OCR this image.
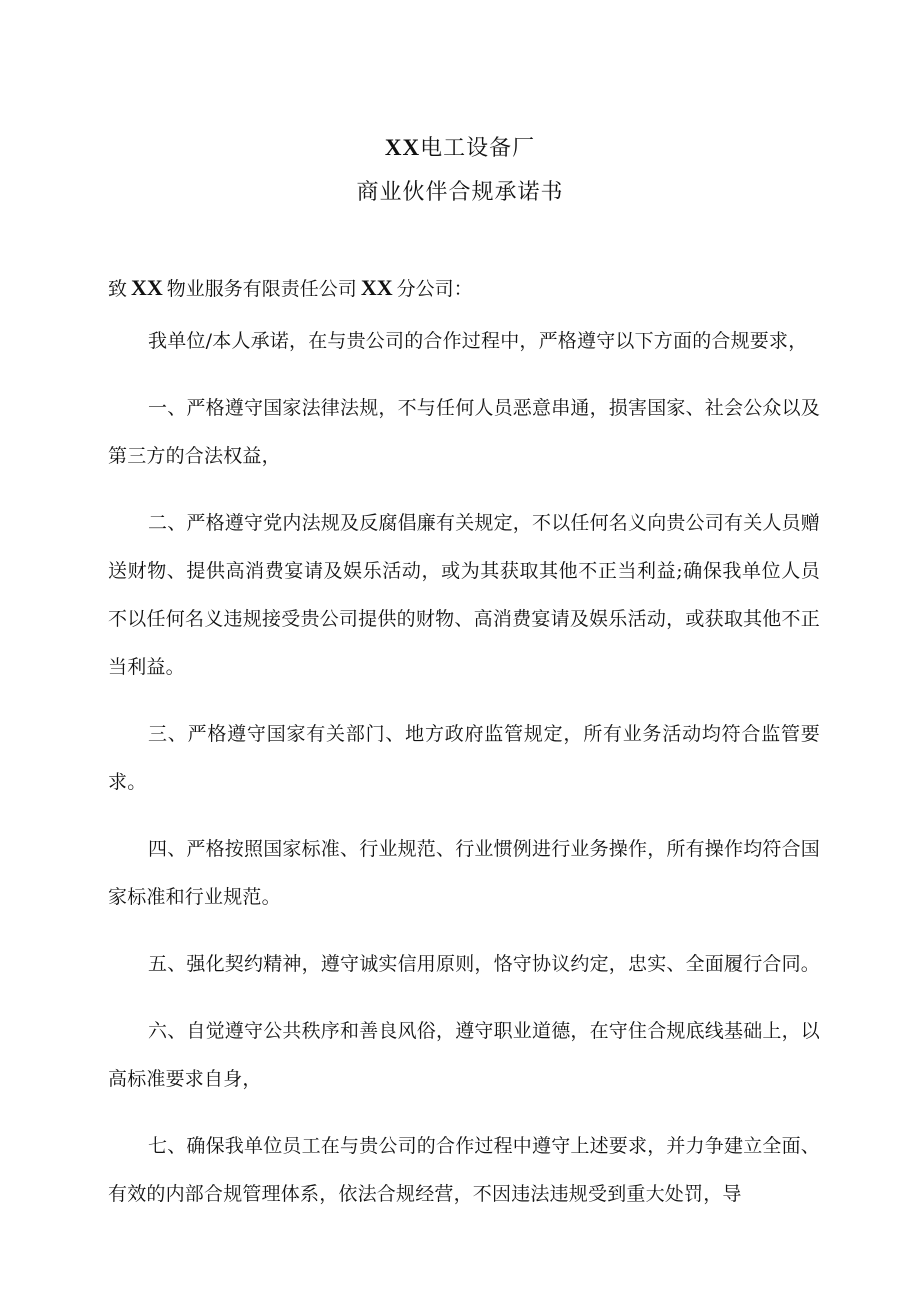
XX电工设备厂
商业伙伴合规承诺书
致 XX 物业服务有限责任公司 XX 分公司：

我单位/本人承诺，在与贵公司的合作过程中，严格遵守以下方面的合规要求，

一、严格遵守国家法律法规，不与任何人员恶意串通，损害国家、社会公众以及第三方的合法权益，

二、严格遵守党内法规及反腐倡廉有关规定，不以任何名义向贵公司有关人员赠送财物、提供高消费宴请及娱乐活动，或为其获取其他不正当利益;确保我单位人员不以任何名义违规接受贵公司提供的财物、高消费宴请及娱乐活动，或获取其他不正当利益。

三、严格遵守国家有关部门、地方政府监管规定，所有业务活动均符合监管要求。

四、严格按照国家标准、行业规范、行业惯例进行业务操作，所有操作均符合国家标准和行业规范。

五、强化契约精神，遵守诚实信用原则，恪守协议约定，忠实、全面履行合同。

六、自觉遵守公共秩序和善良风俗，遵守职业道德，在守住合规底线基础上，以高标准要求自身，

七、确保我单位员工在与贵公司的合作过程中遵守上述要求，并力争建立全面、有效的内部合规管理体系，依法合规经营，不因违法违规受到重大处罚，导
